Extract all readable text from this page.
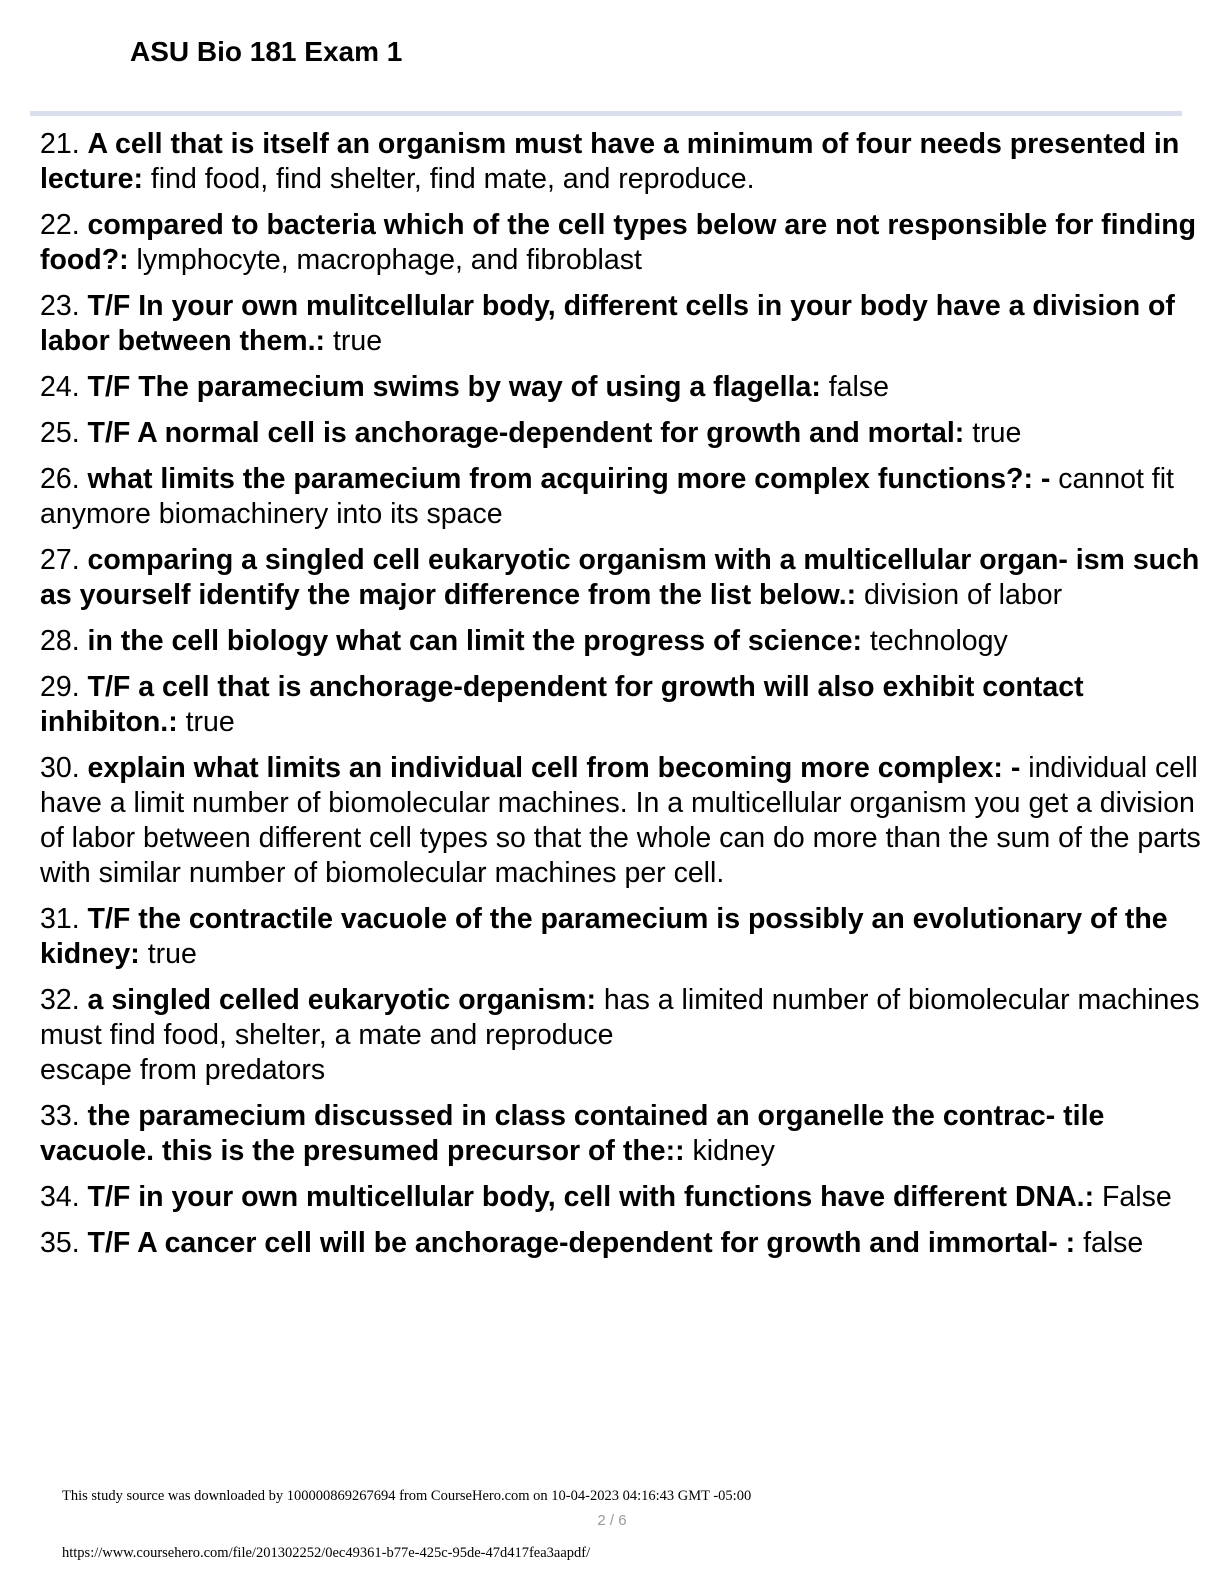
ASU Bio 181 Exam 1
21. A cell that is itself an organism must have a minimum of four needs presented in lecture: find food, find shelter, find mate, and reproduce.
22. compared to bacteria which of the cell types below are not responsible for finding food?: lymphocyte, macrophage, and fibroblast
23. T/F In your own mulitcellular body, different cells in your body have a division of labor between them.: true
24. T/F The paramecium swims by way of using a flagella: false
25. T/F A normal cell is anchorage-dependent for growth and mortal: true
26. what limits the paramecium from acquiring more complex functions?: - cannot fit anymore biomachinery into its space
27. comparing a singled cell eukaryotic organism with a multicellular organ- ism such as yourself identify the major difference from the list below.: division of labor
28. in the cell biology what can limit the progress of science: technology
29. T/F a cell that is anchorage-dependent for growth will also exhibit contact inhibiton.: true
30. explain what limits an individual cell from becoming more complex: - individual cell have a limit number of biomolecular machines. In a multicellular organism you get a division of labor between different cell types so that the whole can do more than the sum of the parts with similar number of biomolecular machines per cell.
31. T/F the contractile vacuole of the paramecium is possibly an evolutionary of the kidney: true
32. a singled celled eukaryotic organism: has a limited number of biomolecular machines
must find food, shelter, a mate and reproduce
escape from predators
33. the paramecium discussed in class contained an organelle the contrac- tile vacuole. this is the presumed precursor of the:: kidney
34. T/F in your own multicellular body, cell with functions have different DNA.: False
35. T/F A cancer cell will be anchorage-dependent for growth and immortal- : false
This study source was downloaded by 100000869267694 from CourseHero.com on 10-04-2023 04:16:43 GMT -05:00
2 / 6
https://www.coursehero.com/file/201302252/0ec49361-b77e-425c-95de-47d417fea3aapdf/
